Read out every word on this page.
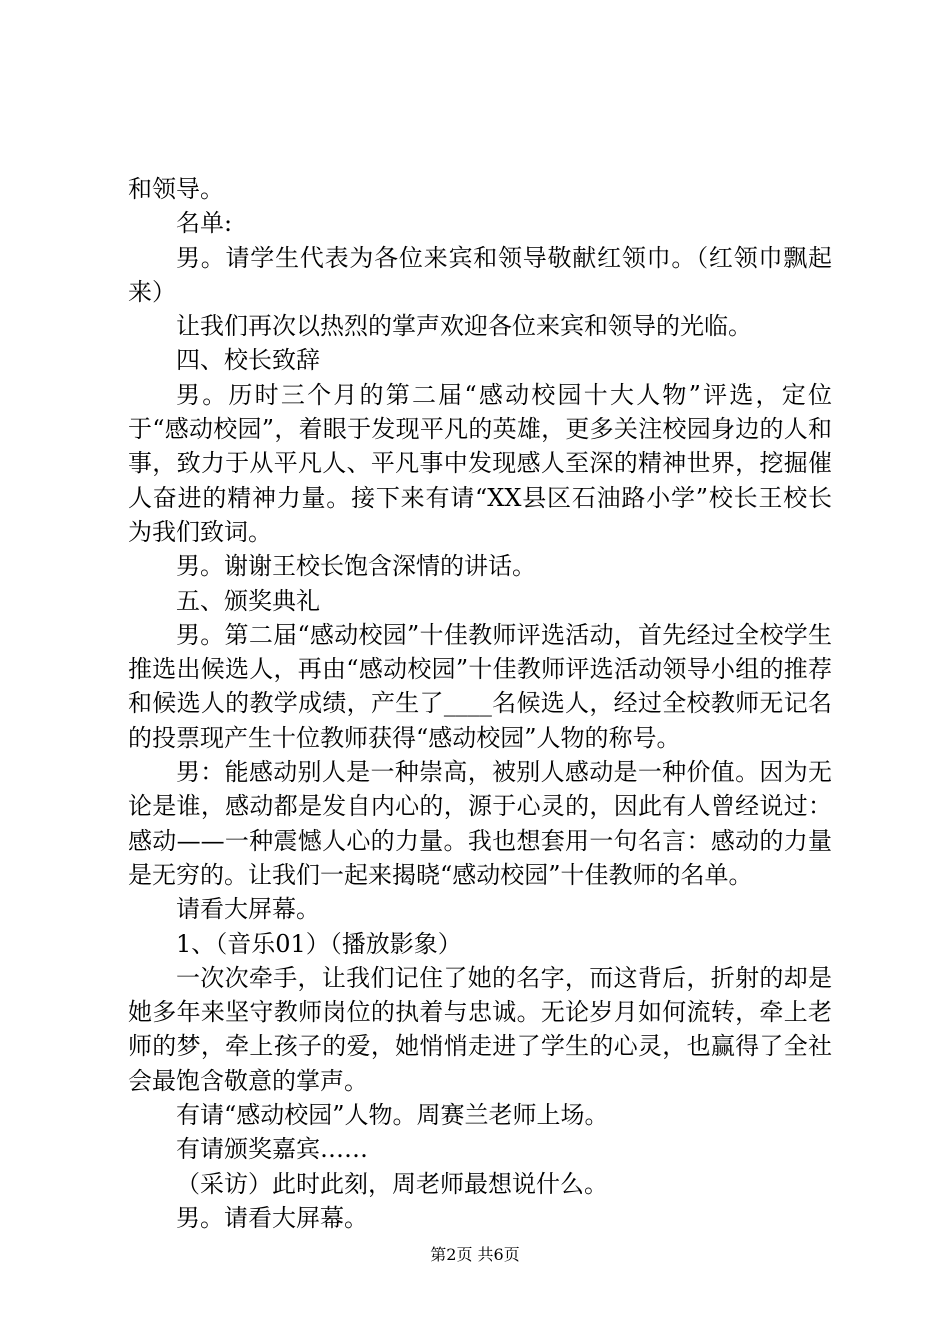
和领导。

名单:

男。请学生代表为各位来宾和领导敬献红领巾。（红领巾飘起来）

让我们再次以热烈的掌声欢迎各位来宾和领导的光临。

四、校长致辞

男。历时三个月的第二届“感动校园十大人物”评选，定位于“感动校园”，着眼于发现平凡的英雄，更多关注校园身边的人和事，致力于从平凡人、平凡事中发现感人至深的精神世界，挖掘催人奋进的精神力量。接下来有请“XX县区石油路小学”校长王校长为我们致词。

男。谢谢王校长饱含深情的讲话。

五、颁奖典礼

男。第二届“感动校园”十佳教师评选活动，首先经过全校学生推选出候选人，再由“感动校园”十佳教师评选活动领导小组的推荐和候选人的教学成绩，产生了____名候选人，经过全校教师无记名的投票现产生十位教师获得“感动校园”人物的称号。

男：能感动别人是一种崇高，被别人感动是一种价值。因为无论是谁，感动都是发自内心的，源于心灵的，因此有人曾经说过：感动——一种震憾人心的力量。我也想套用一句名言：感动的力量是无穷的。让我们一起来揭晓“感动校园”十佳教师的名单。

请看大屏幕。

1、（音乐01）（播放影象）

一次次牵手，让我们记住了她的名字，而这背后，折射的却是她多年来坚守教师岗位的执着与忠诚。无论岁月如何流转，牵上老师的梦，牵上孩子的爱，她悄悄走进了学生的心灵，也赢得了全社会最饱含敬意的掌声。

有请“感动校园”人物。周赛兰老师上场。

有请颁奖嘉宾……

（采访）此时此刻，周老师最想说什么。

男。请看大屏幕。

第2页 共6页
